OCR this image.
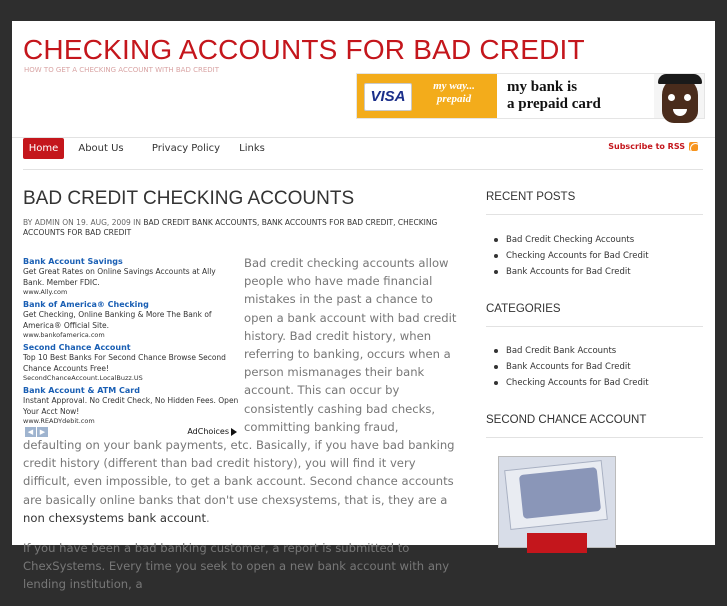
CHECKING ACCOUNTS FOR BAD CREDIT
HOW TO GET A CHECKING ACCOUNT WITH BAD CREDIT
VISA
my way...
prepaid
my bank is
a prepaid card
Home	About Us	Privacy Policy	Links	Subscribe to RSS
BAD CREDIT CHECKING ACCOUNTS
BY ADMIN ON 19. AUG, 2009 IN BAD CREDIT BANK ACCOUNTS, BANK ACCOUNTS FOR BAD CREDIT, CHECKING ACCOUNTS FOR BAD CREDIT

Bad credit checking accounts allow people who have made financial mistakes in the past a chance to open a bank account with bad credit history. Bad credit history, when referring to banking, occurs when a person mismanages their bank account. This can occur by consistently cashing bad checks, committing banking fraud, defaulting on your bank payments, etc. Basically, if you have bad banking credit history (different than bad credit history), you will find it very difficult, even impossible, to get a bank account. Second chance accounts are basically online banks that don't use chexsystems, that is, they are a non chexsystems bank account.

If you have been a bad banking customer, a report is submitted to ChexSystems. Every time you seek to open a new bank account with any lending institution, a

Bank Account Savings
Get Great Rates on Online Savings Accounts at Ally Bank. Member FDIC.
www.Ally.com
Bank of America® Checking
Get Checking, Online Banking & More The Bank of America® Official Site.
www.bankofamerica.com
Second Chance Account
Top 10 Best Banks For Second Chance Browse Second Chance Accounts Free!
SecondChanceAccount.LocalBuzz.US
Bank Account & ATM Card
Instant Approval. No Credit Check, No Hidden Fees. Open Your Acct Now!
www.READYdebit.com
◀ ▶	AdChoices
RECENT POSTS
Bad Credit Checking Accounts
Checking Accounts for Bad Credit
Bank Accounts for Bad Credit
CATEGORIES
Bad Credit Bank Accounts
Bank Accounts for Bad Credit
Checking Accounts for Bad Credit
SECOND CHANCE ACCOUNT
